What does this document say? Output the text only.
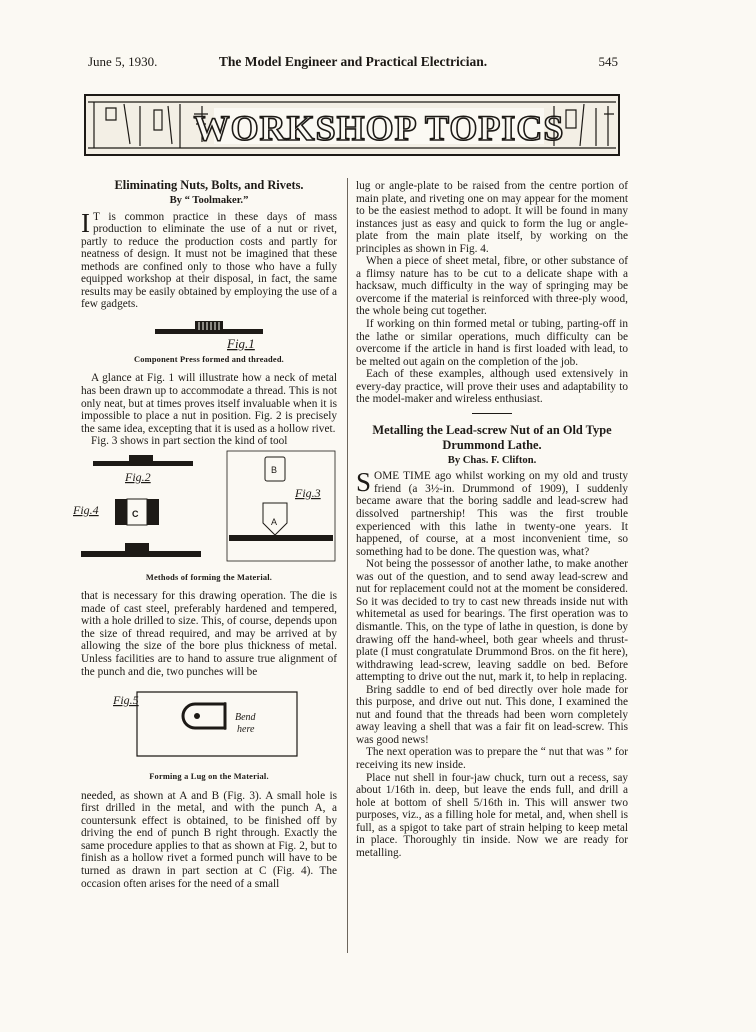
June 5, 1930.	The Model Engineer and Practical Electrician.	545
WORKSHOP TOPICS
Eliminating Nuts, Bolts, and Rivets.
By “ Toolmaker.”

I T is common practice in these days of mass production to eliminate the use of a nut or rivet, partly to reduce the production costs and partly for neatness of design. It must not be imagined that these methods are confined only to those who have a fully equipped workshop at their disposal, in fact, the same results may be easily obtained by employing the use of a few gadgets.

Fig.1
Component Press formed and threaded.

A glance at Fig. 1 will illustrate how a neck of metal has been drawn up to accommodate a thread. This is not only neat, but at times proves itself invaluable when it is impossible to place a nut in position. Fig. 2 is precisely the same idea, excepting that it is used as a hollow rivet.

Fig. 3 shows in part section the kind of tool

Fig.2
Fig.4	C
B
A
Fig.3
Methods of forming the Material.

that is necessary for this drawing operation. The die is made of cast steel, preferably hardened and tempered, with a hole drilled to size. This, of course, depends upon the size of thread required, and may be arrived at by allowing the size of the bore plus thickness of metal. Unless facilities are to hand to assure true alignment of the punch and die, two punches will be

Fig.5
Bend
here
Forming a Lug on the Material.

needed, as shown at A and B (Fig. 3). A small hole is first drilled in the metal, and with the punch A, a countersunk effect is obtained, to be finished off by driving the end of punch B right through. Exactly the same procedure applies to that as shown at Fig. 2, but to finish as a hollow rivet a formed punch will have to be turned as drawn in part section at C (Fig. 4). The occasion often arises for the need of a small

lug or angle-plate to be raised from the centre portion of main plate, and riveting one on may appear for the moment to be the easiest method to adopt. It will be found in many instances just as easy and quick to form the lug or angle-plate from the main plate itself, by working on the principles as shown in Fig. 4.

When a piece of sheet metal, fibre, or other substance of a flimsy nature has to be cut to a delicate shape with a hacksaw, much difficulty in the way of springing may be overcome if the material is reinforced with three-ply wood, the whole being cut together.

If working on thin formed metal or tubing, parting-off in the lathe or similar operations, much difficulty can be overcome if the article in hand is first loaded with lead, to be melted out again on the completion of the job.

Each of these examples, although used extensively in every-day practice, will prove their uses and adaptability to the model-maker and wireless enthusiast.

Metalling the Lead-screw Nut of an Old Type Drummond Lathe.
By Chas. F. Clifton.

SOME TIME ago whilst working on my old and trusty friend (a 3½-in. Drummond of 1909), I suddenly became aware that the boring saddle and lead-screw had dissolved partnership! This was the first trouble experienced with this lathe in twenty-one years. It happened, of course, at a most inconvenient time, so something had to be done. The question was, what?

Not being the possessor of another lathe, to make another was out of the question, and to send away lead-screw and nut for replacement could not at the moment be considered. So it was decided to try to cast new threads inside nut with whitemetal as used for bearings. The first operation was to dismantle. This, on the type of lathe in question, is done by drawing off the hand-wheel, both gear wheels and thrust-plate (I must congratulate Drummond Bros. on the fit here), withdrawing lead-screw, leaving saddle on bed. Before attempting to drive out the nut, mark it, to help in replacing.

Bring saddle to end of bed directly over hole made for this purpose, and drive out nut. This done, I examined the nut and found that the threads had been worn completely away leaving a shell that was a fair fit on lead-screw. This was good news!

The next operation was to prepare the “ nut that was ” for receiving its new inside.

Place nut shell in four-jaw chuck, turn out a recess, say about 1/16th in. deep, but leave the ends full, and drill a hole at bottom of shell 5/16th in. This will answer two purposes, viz., as a filling hole for metal, and, when shell is full, as a spigot to take part of strain helping to keep metal in place. Thoroughly tin inside. Now we are ready for metalling.
